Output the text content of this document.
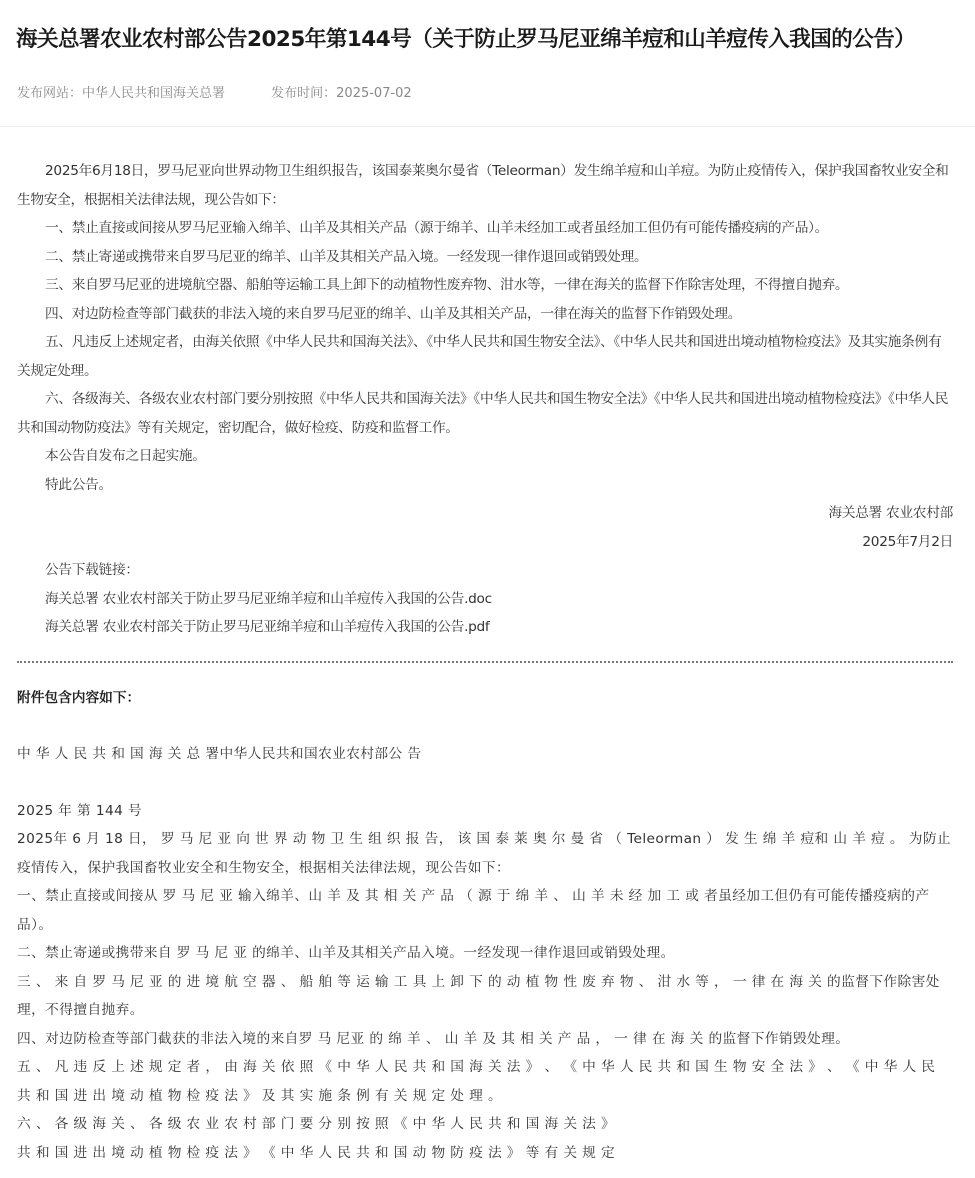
海关总署农业农村部公告2025年第144号（关于防止罗马尼亚绵羊痘和山羊痘传入我国的公告）
发布网站：中华人民共和国海关总署	发布时间：2025-07-02

2025年6月18日，罗马尼亚向世界动物卫生组织报告，该国泰莱奥尔曼省（Teleorman）发生绵羊痘和山羊痘。为防止疫情传入，保护我国畜牧业安全和生物安全，根据相关法律法规，现公告如下：

一、禁止直接或间接从罗马尼亚输入绵羊、山羊及其相关产品（源于绵羊、山羊未经加工或者虽经加工但仍有可能传播疫病的产品）。

二、禁止寄递或携带来自罗马尼亚的绵羊、山羊及其相关产品入境。一经发现一律作退回或销毁处理。

三、来自罗马尼亚的进境航空器、船舶等运输工具上卸下的动植物性废弃物、泔水等，一律在海关的监督下作除害处理，不得擅自抛弃。

四、对边防检查等部门截获的非法入境的来自罗马尼亚的绵羊、山羊及其相关产品，一律在海关的监督下作销毁处理。

五、凡违反上述规定者，由海关依照《中华人民共和国海关法》、《中华人民共和国生物安全法》、《中华人民共和国进出境动植物检疫法》及其实施条例有关规定处理。

六、各级海关、各级农业农村部门要分别按照《中华人民共和国海关法》《中华人民共和国生物安全法》《中华人民共和国进出境动植物检疫法》《中华人民共和国动物防疫法》等有关规定，密切配合，做好检疫、防疫和监督工作。

本公告自发布之日起实施。

特此公告。

海关总署 农业农村部

2025年7月2日

公告下载链接：

海关总署 农业农村部关于防止罗马尼亚绵羊痘和山羊痘传入我国的公告.doc

海关总署 农业农村部关于防止罗马尼亚绵羊痘和山羊痘传入我国的公告.pdf

附件包含内容如下：

中 华 人 民 共 和 国 海 关 总 署中华人民共和国农业农村部公 告

2025 年 第 144 号

2025年 6 月 18 日， 罗 马 尼 亚 向 世 界 动 物 卫 生 组 织 报 告， 该 国 泰 莱 奥 尔 曼 省 （ Teleorman ） 发 生 绵 羊 痘和 山 羊 痘 。 为防止疫情传入，保护我国畜牧业安全和生物安全，根据相关法律法规，现公告如下：

一、禁止直接或间接从 罗 马 尼 亚 输入绵羊、山 羊 及 其 相 关 产 品 （ 源 于 绵 羊 、 山 羊 未 经 加 工 或 者虽经加工但仍有可能传播疫病的产品）。

二、禁止寄递或携带来自 罗 马 尼 亚 的绵羊、山羊及其相关产品入境。一经发现一律作退回或销毁处理。

三 、 来 自 罗 马 尼 亚 的 进 境 航 空 器 、 船 舶 等 运 输 工 具 上 卸 下 的 动 植 物 性 废 弃 物 、 泔 水 等 ， 一 律 在 海 关 的监督下作除害处理，不得擅自抛弃。

四、对边防检查等部门截获的非法入境的来自罗 马 尼亚 的 绵 羊 、 山 羊 及 其 相 关 产 品 ， 一 律 在 海 关 的监督下作销毁处理。

五 、 凡 违 反 上 述 规 定 者 ， 由 海 关 依 照 《 中 华 人 民 共 和 国 海 关 法 》 、 《 中 华 人 民 共 和 国 生 物 安 全 法 》 、 《 中 华 人 民 共 和 国 进 出 境 动 植 物 检 疫 法 》 及 其 实 施 条 例 有 关 规 定 处 理 。

六 、 各 级 海 关 、 各 级 农 业 农 村 部 门 要 分 别 按 照 《 中 华 人 民 共 和 国 海 关 法 》

共 和 国 进 出 境 动 植 物 检 疫 法 》 《 中 华 人 民 共 和 国 动 物 防 疫 法 》 等 有 关 规 定
